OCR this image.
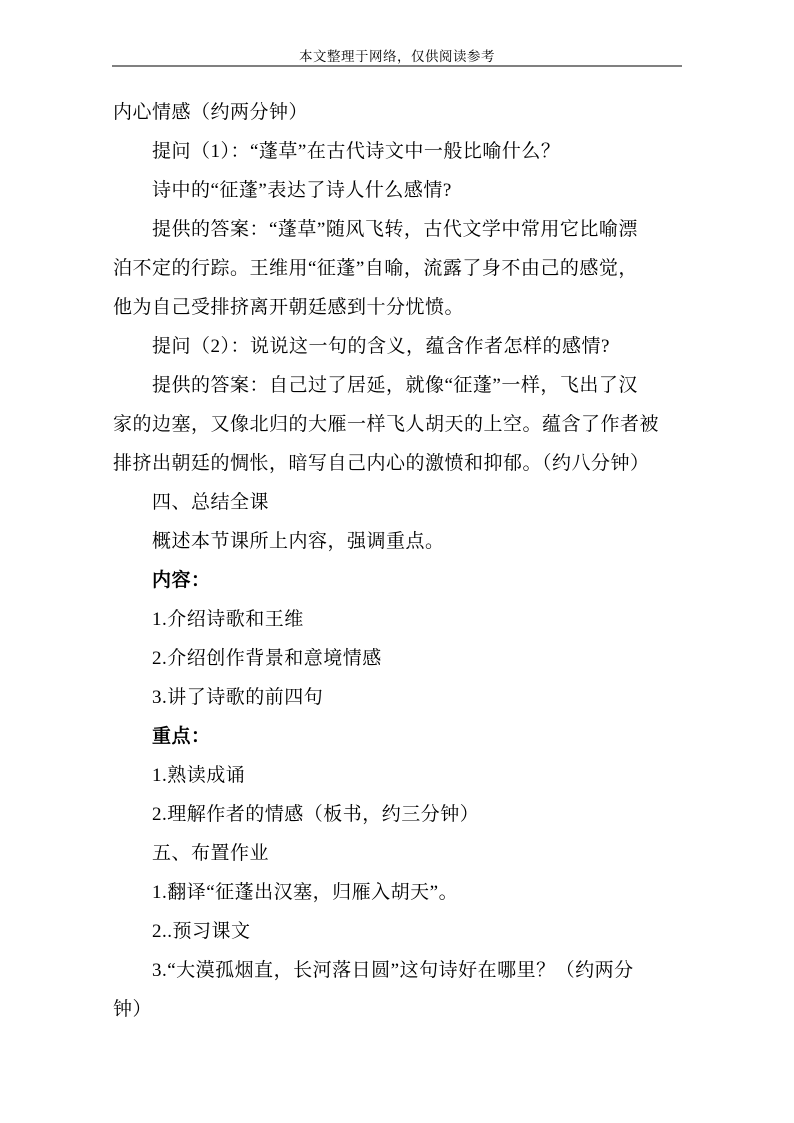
本文整理于网络，仅供阅读参考
内心情感（约两分钟）
提问（1）：“蓬草”在古代诗文中一般比喻什么？
诗中的“征蓬”表达了诗人什么感情?
提供的答案：“蓬草”随风飞转，古代文学中常用它比喻漂
泊不定的行踪。王维用“征蓬”自喻，流露了身不由己的感觉，
他为自己受排挤离开朝廷感到十分忧愤。
提问（2）：说说这一句的含义，蕴含作者怎样的感情?
提供的答案：自己过了居延，就像“征蓬”一样，飞出了汉
家的边塞，又像北归的大雁一样飞人胡天的上空。蕴含了作者被
排挤出朝廷的惆怅，暗写自己内心的激愤和抑郁。（约八分钟）
四、总结全课
概述本节课所上内容，强调重点。
内容：
1.介绍诗歌和王维
2.介绍创作背景和意境情感
3.讲了诗歌的前四句
重点：
1.熟读成诵
2.理解作者的情感（板书，约三分钟）
五、布置作业
1.翻译“征蓬出汉塞，归雁入胡天”。
2..预习课文
3.“大漠孤烟直，长河落日圆”这句诗好在哪里？（约两分
钟）
